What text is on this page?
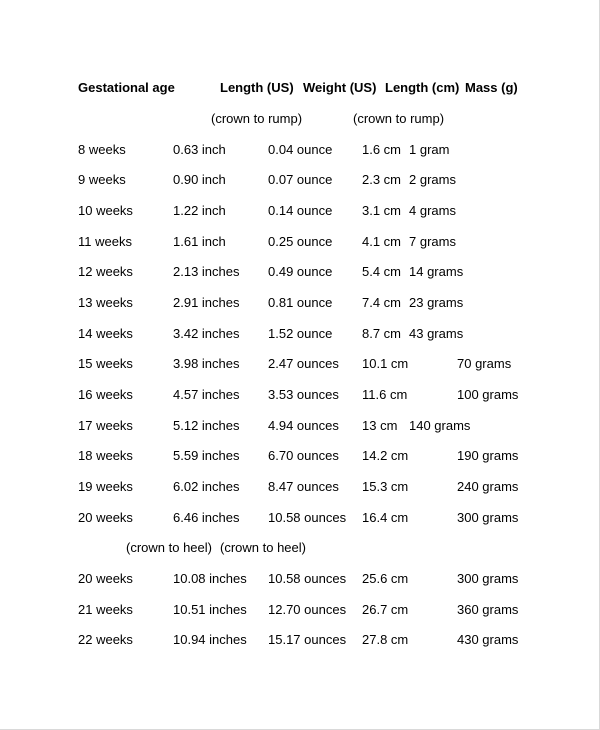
Gestational age	Length (US) Weight (US) Length (cm) Mass (g)
(crown to rump)	(crown to rump)
8 weeks	0.63 inch	0.04 ounce 1.6 cm 1 gram
9 weeks	0.90 inch	0.07 ounce 2.3 cm 2 grams
10 weeks	1.22 inch	0.14 ounce 3.1 cm 4 grams
11 weeks	1.61 inch	0.25 ounce 4.1 cm 7 grams
12 weeks	2.13 inches 0.49 ounce 5.4 cm 14 grams
13 weeks	2.91 inches 0.81 ounce 7.4 cm 23 grams
14 weeks	3.42 inches 1.52 ounce 8.7 cm 43 grams
15 weeks	3.98 inches 2.47 ounces 10.1 cm	70 grams
16 weeks	4.57 inches 3.53 ounces 11.6 cm	100 grams
17 weeks	5.12 inches 4.94 ounces 13 cm 140 grams
18 weeks	5.59 inches 6.70 ounces 14.2 cm	190 grams
19 weeks	6.02 inches 8.47 ounces 15.3 cm	240 grams
20 weeks	6.46 inches 10.58 ounces 16.4 cm	300 grams
(crown to heel) (crown to heel)
20 weeks	10.08 inches 10.58 ounces 25.6 cm	300 grams
21 weeks	10.51 inches 12.70 ounces 26.7 cm	360 grams
22 weeks	10.94 inches 15.17 ounces 27.8 cm	430 grams
